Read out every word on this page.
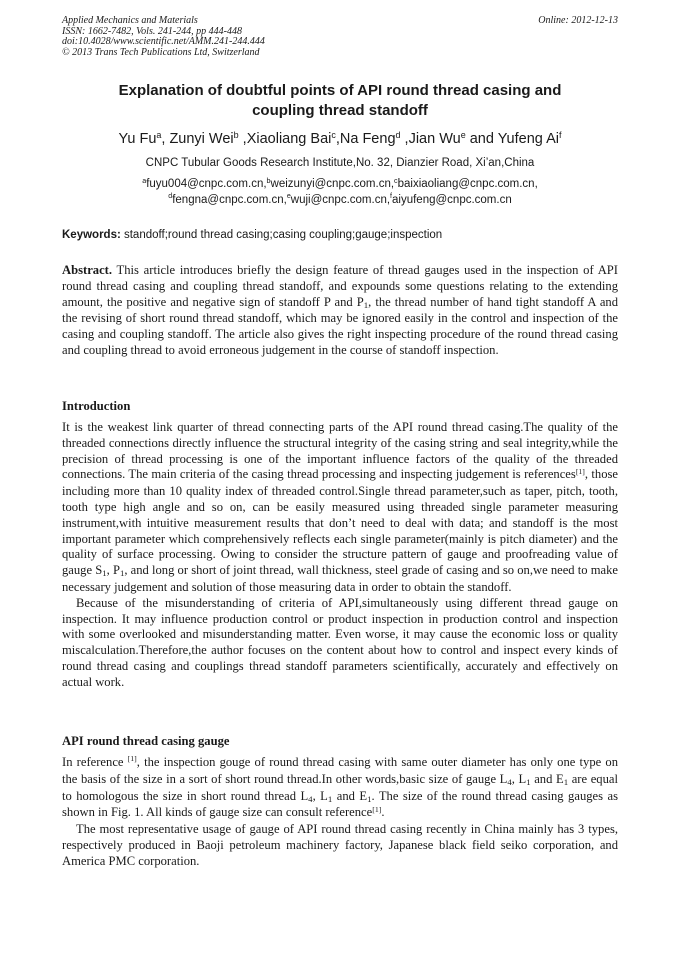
Applied Mechanics and Materials
ISSN: 1662-7482, Vols. 241-244, pp 444-448
doi:10.4028/www.scientific.net/AMM.241-244.444
© 2013 Trans Tech Publications Ltd, Switzerland
Online: 2012-12-13
Explanation of doubtful points of API round thread casing and
coupling thread standoff
Yu Fu$^a$, Zunyi Wei$^b$ ,Xiaoliang Bai$^c$,Na Feng$^d$ ,Jian Wu$^e$ and Yufeng Ai$^f$
CNPC Tubular Goods Research Institute,No. 32, Dianzier Road, Xi’an,China
$^a$fuyu004@cnpc.com.cn,$^b$weizunyi@cnpc.com.cn,$^c$baixiaoliang@cnpc.com.cn,
$^d$fengna@cnpc.com.cn,$^e$wuji@cnpc.com.cn,$^f$aiyufeng@cnpc.com.cn
Keywords: standoff;round thread casing;casing coupling;gauge;inspection

Abstract. This article introduces briefly the design feature of thread gauges used in the inspection of API round thread casing and coupling thread standoff, and expounds some questions relating to the extending amount, the positive and negative sign of standoff P and $P_1$, the thread number of hand tight standoff A and the revising of short round thread standoff, which may be ignored easily in the control and inspection of the casing and coupling standoff. The article also gives the right inspecting procedure of the round thread casing and coupling thread to avoid erroneous judgement in the course of standoff inspection.

Introduction

It is the weakest link quarter of thread connecting parts of the API round thread casing.The quality of the threaded connections directly influence the structural integrity of the casing string and seal integrity,while the precision of thread processing is one of the important influence factors of the quality of the threaded connections. The main criteria of the casing thread processing and inspecting judgement is references[1], those including more than 10 quality index of threaded control.Single thread parameter,such as taper, pitch, tooth, tooth type high angle and so on, can be easily measured using threaded single parameter measuring instrument,with intuitive measurement results that don’t need to deal with data; and standoff is the most important parameter which comprehensively reflects each single parameter(mainly is pitch diameter) and the quality of surface processing. Owing to consider the structure pattern of gauge and proofreading value of gauge $S_1$, $P_1$, and long or short of joint thread, wall thickness, steel grade of casing and so on,we need to make necessary judgement and solution of those measuring data in order to obtain the standoff.

Because of the misunderstanding of criteria of API,simultaneously using different thread gauge on inspection. It may influence production control or product inspection in production control and inspection with some overlooked and misunderstanding matter. Even worse, it may cause the economic loss or quality miscalculation.Therefore,the author focuses on the content about how to control and inspect every kinds of round thread casing and couplings thread standoff parameters scientifically, accurately and effectively on actual work.

API round thread casing gauge

In reference [1], the inspection gouge of round thread casing with same outer diameter has only one type on the basis of the size in a sort of short round thread.In other words,basic size of gauge $L_4$, $L_1$ and $E_1$ are equal to homologous the size in short round thread $L_4$, $L_1$ and $E_1$. The size of the round thread casing gauges as shown in Fig. 1. All kinds of gauge size can consult reference[1].

The most representative usage of gauge of API round thread casing recently in China mainly has 3 types, respectively produced in Baoji petroleum machinery factory, Japanese black field seiko corporation, and America PMC corporation.
